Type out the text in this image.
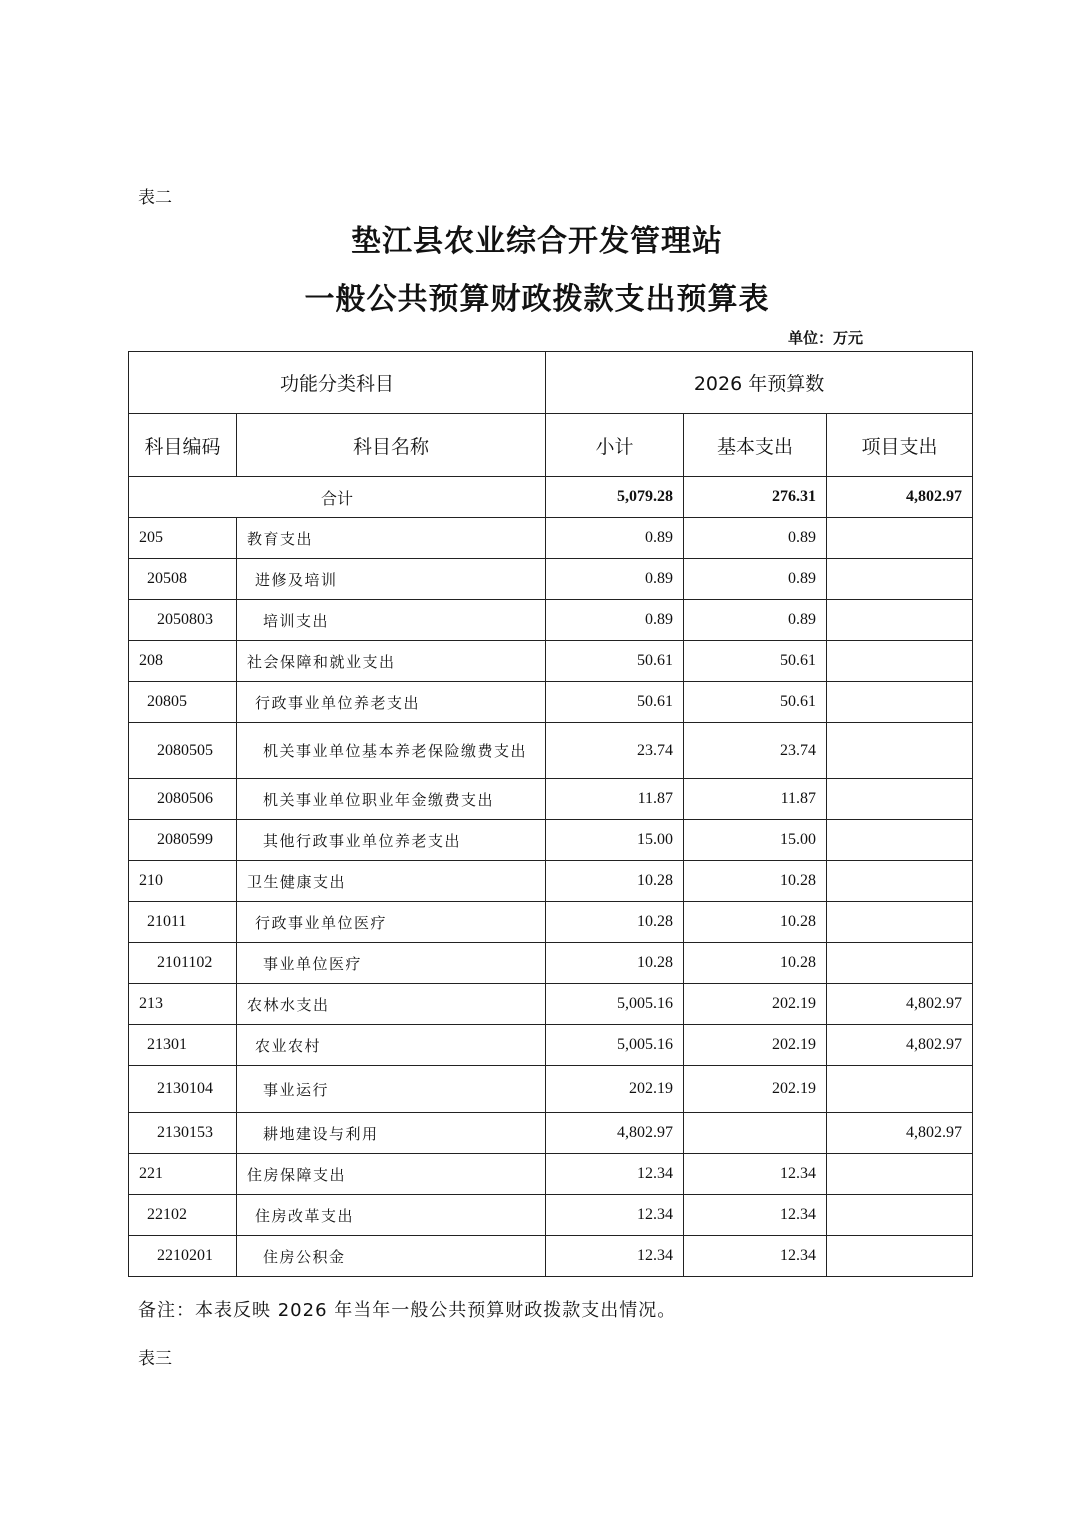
表二
垫江县农业综合开发管理站
一般公共预算财政拨款支出预算表
单位：万元
功能分类科目		2026 年预算数		
科目编码	科目名称	小计	基本支出	项目支出
合计		5,079.28	276.31	4,802.97
205	教育支出	0.89	0.89	
20508	进修及培训	0.89	0.89	
2050803	培训支出	0.89	0.89	
208	社会保障和就业支出	50.61	50.61	
20805	行政事业单位养老支出	50.61	50.61	
2080505	机关事业单位基本养老保险缴费支出	23.74	23.74	
2080506	机关事业单位职业年金缴费支出	11.87	11.87	
2080599	其他行政事业单位养老支出	15.00	15.00	
210	卫生健康支出	10.28	10.28	
21011	行政事业单位医疗	10.28	10.28	
2101102	事业单位医疗	10.28	10.28	
213	农林水支出	5,005.16	202.19	4,802.97
21301	农业农村	5,005.16	202.19	4,802.97
2130104	事业运行	202.19	202.19	
2130153	耕地建设与利用	4,802.97		4,802.97
221	住房保障支出	12.34	12.34	
22102	住房改革支出	12.34	12.34	
2210201	住房公积金	12.34	12.34	
备注：本表反映 2026 年当年一般公共预算财政拨款支出情况。
表三
